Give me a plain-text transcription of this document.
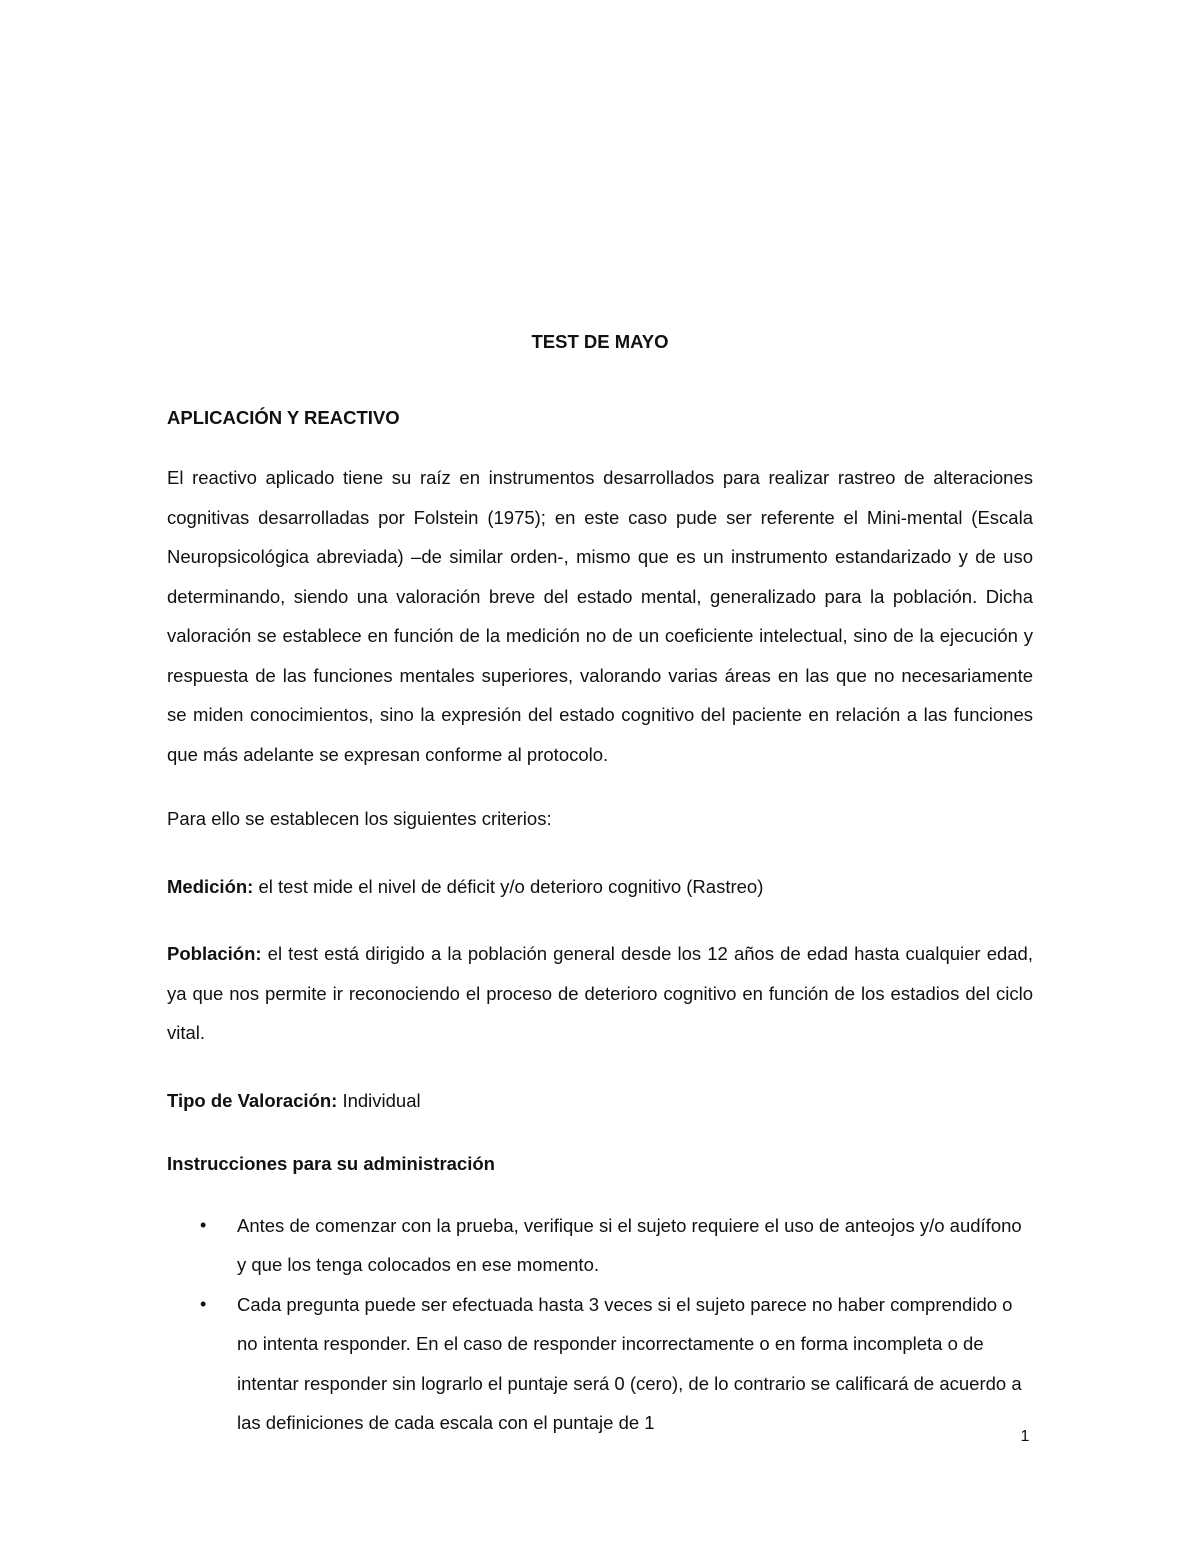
TEST DE MAYO

APLICACIÓN Y REACTIVO

El reactivo aplicado tiene su raíz en instrumentos desarrollados para realizar rastreo de alteraciones cognitivas desarrolladas por Folstein (1975); en este caso pude ser referente el Mini-mental (Escala Neuropsicológica abreviada) –de similar orden-, mismo que es un instrumento estandarizado y de uso determinando, siendo una valoración breve del estado mental, generalizado para la población. Dicha valoración se establece en función de la medición no de un coeficiente intelectual, sino de la ejecución y respuesta de las funciones mentales superiores, valorando varias áreas en las que no necesariamente se miden conocimientos, sino la expresión del estado cognitivo del paciente en relación a las funciones que más adelante se expresan conforme al protocolo.

Para ello se establecen los siguientes criterios:

Medición: el test mide el nivel de déficit y/o deterioro cognitivo (Rastreo)

Población: el test está dirigido a la población general desde los 12 años de edad hasta cualquier edad, ya que nos permite ir reconociendo el proceso de deterioro cognitivo en función de los estadios del ciclo vital.

Tipo de Valoración: Individual

Instrucciones para su administración

• Antes de comenzar con la prueba, verifique si el sujeto requiere el uso de anteojos y/o audífono y que los tenga colocados en ese momento.
• Cada pregunta puede ser efectuada hasta 3 veces si el sujeto parece no haber comprendido o no intenta responder. En el caso de responder incorrectamente o en forma incompleta o de intentar responder sin lograrlo el puntaje será 0 (cero), de lo contrario se calificará de acuerdo a las definiciones de cada escala con el puntaje de 1
1
